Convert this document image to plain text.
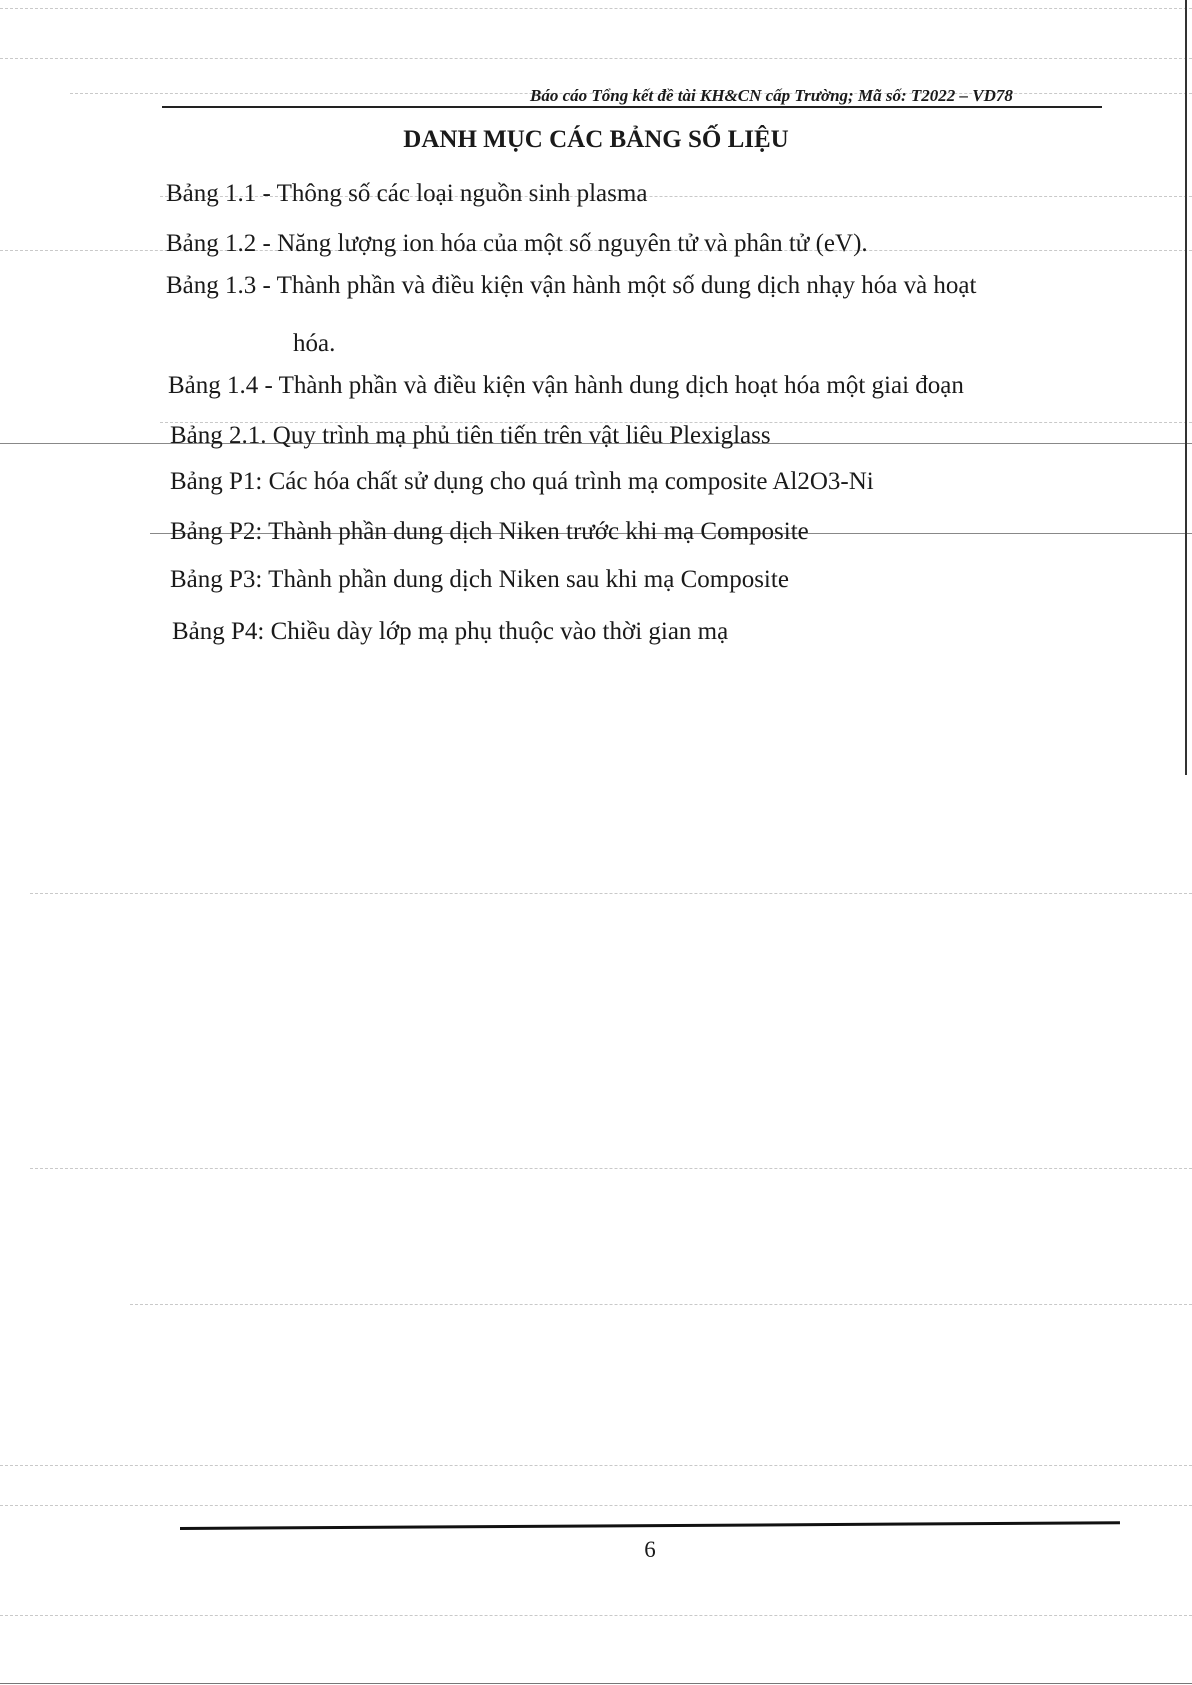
Báo cáo Tổng kết đề tài KH&CN cấp Trường; Mã số: T2022 – VD78
DANH MỤC CÁC BẢNG SỐ LIỆU
Bảng 1.1 - Thông số các loại nguồn sinh plasma
Bảng 1.2 - Năng lượng ion hóa của một số nguyên tử và phân tử (eV).
Bảng 1.3 - Thành phần và điều kiện vận hành một số dung dịch nhạy hóa và hoạt
hóa.
Bảng 1.4 - Thành phần và điều kiện vận hành dung dịch hoạt hóa một giai đoạn
Bảng 2.1. Quy trình mạ phủ tiên tiến trên vật liêu Plexiglass
Bảng P1: Các hóa chất sử dụng cho quá trình mạ composite Al2O3-Ni
Bảng P2: Thành phần dung dịch Niken trước khi mạ Composite
Bảng P3: Thành phần dung dịch Niken sau khi mạ Composite
Bảng P4: Chiều dày lớp mạ phụ thuộc vào thời gian mạ
6
